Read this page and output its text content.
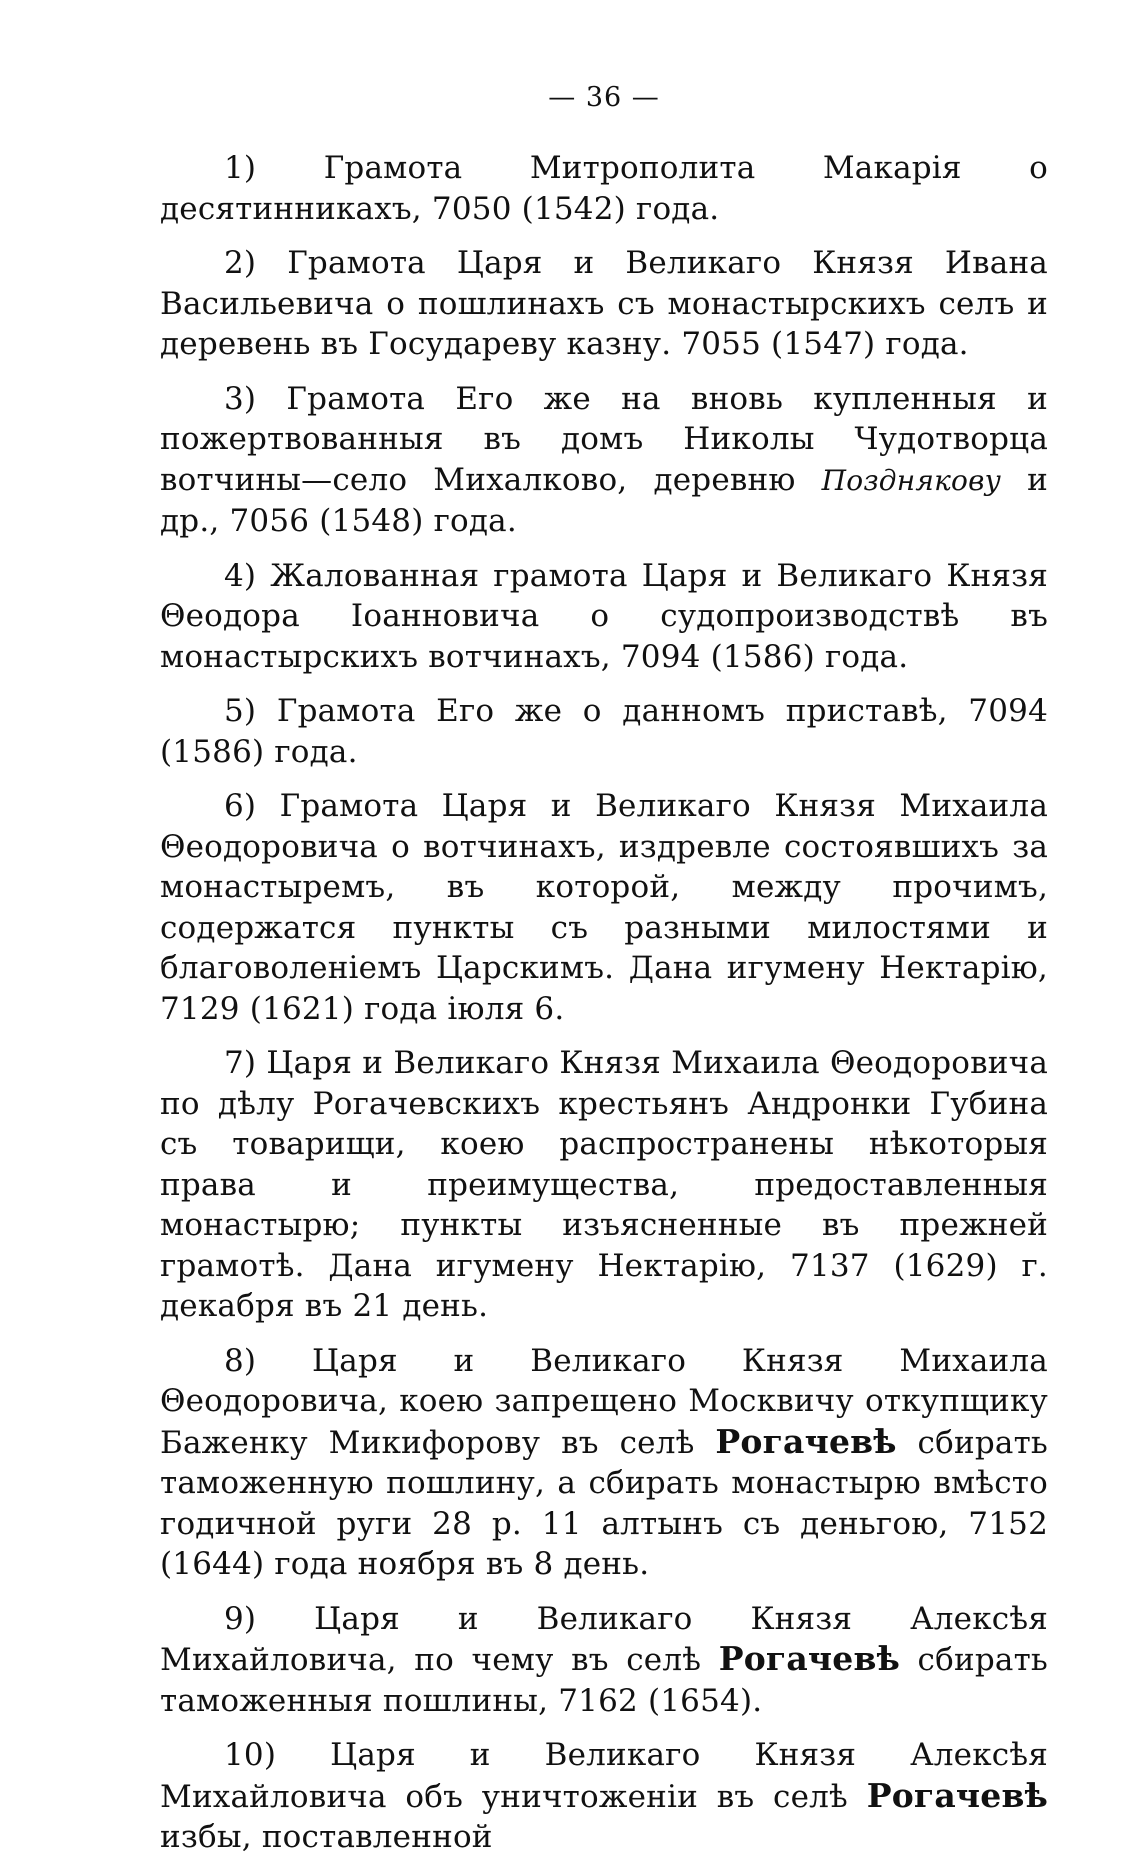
— 36 —

1) Грамота Митрополита Макарія о десятинникахъ, 7050 (1542) года.

2) Грамота Царя и Великаго Князя Ивана Васильевича о пошлинахъ съ монастырскихъ селъ и деревень въ Государеву казну. 7055 (1547) года.

3) Грамота Его же на вновь купленныя и пожертвованныя въ домъ Николы Чудотворца вотчины—село Михалково, деревню Позднякову и др., 7056 (1548) года.

4) Жалованная грамота Царя и Великаго Князя Θеодора Іоанновича о судопроизводствѣ въ монастырскихъ вотчинахъ, 7094 (1586) года.

5) Грамота Его же о данномъ приставѣ, 7094 (1586) года.

6) Грамота Царя и Великаго Князя Михаила Θеодоровича о вотчинахъ, издревле состоявшихъ за монастыремъ, въ которой, между прочимъ, содержатся пункты съ разными милостями и благоволеніемъ Царскимъ. Дана игумену Нектарію, 7129 (1621) года іюля 6.

7) Царя и Великаго Князя Михаила Θеодоровича по дѣлу Рогачевскихъ крестьянъ Андронки Губина съ товарищи, коею распространены нѣкоторыя права и преимущества, предоставленныя монастырю; пункты изъясненные въ прежней грамотѣ. Дана игумену Нектарію, 7137 (1629) г. декабря въ 21 день.

8) Царя и Великаго Князя Михаила Θеодоровича, коею запрещено Москвичу откупщику Баженку Микифорову въ селѣ Рогачевѣ сбирать таможенную пошлину, а сбирать монастырю вмѣсто годичной руги 28 р. 11 алтынъ съ деньгою, 7152 (1644) года ноября въ 8 день.

9) Царя и Великаго Князя Алексѣя Михайловича, по чему въ селѣ Рогачевѣ сбирать таможенныя пошлины, 7162 (1654).

10) Царя и Великаго Князя Алексѣя Михайловича объ уничтоженіи въ селѣ Рогачевѣ избы, поставленной
